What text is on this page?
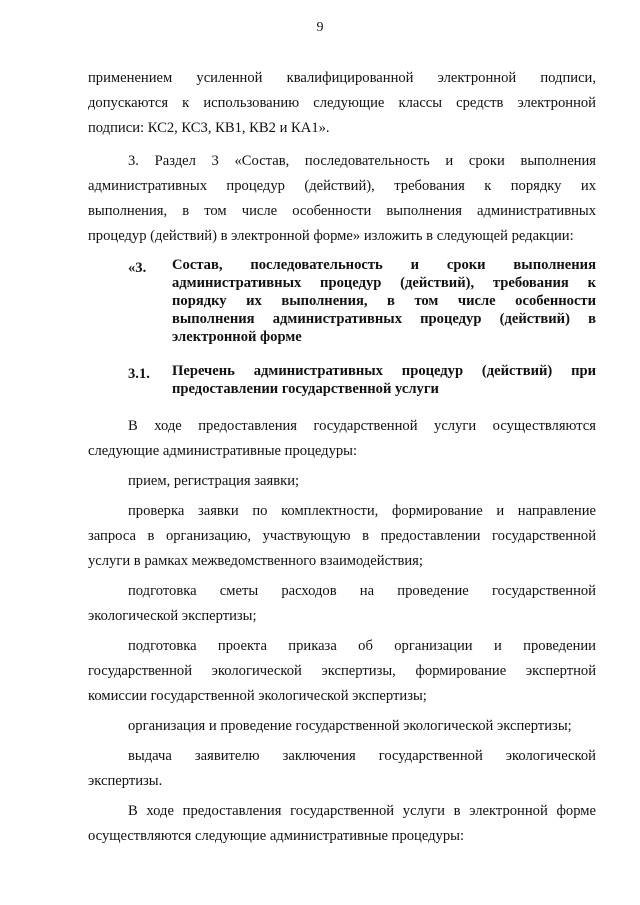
9

применением усиленной квалифицированной электронной подписи,

допускаются к использованию следующие классы средств электронной

подписи: КС2, КС3, КВ1, КВ2 и КА1».

3. Раздел 3 «Состав, последовательность и сроки выполнения

административных процедур (действий), требования к порядку их

выполнения, в том числе особенности выполнения административных

процедур (действий) в электронной форме» изложить в следующей редакции:

«3.	Состав, последовательность и сроки выполнения

административных процедур (действий), требования к

порядку их выполнения, в том числе особенности

выполнения административных процедур (действий) в

электронной форме

3.1.	Перечень административных процедур (действий) при

предоставлении государственной услуги

В ходе предоставления государственной услуги осуществляются

следующие административные процедуры:

прием, регистрация заявки;

проверка заявки по комплектности, формирование и направление

запроса в организацию, участвующую в предоставлении государственной

услуги в рамках межведомственного взаимодействия;

подготовка сметы расходов на проведение государственной

экологической экспертизы;

подготовка проекта приказа об организации и проведении

государственной экологической экспертизы, формирование экспертной

комиссии государственной экологической экспертизы;

организация и проведение государственной экологической экспертизы;

выдача заявителю заключения государственной экологической

экспертизы.

В ходе предоставления государственной услуги в электронной форме

осуществляются следующие административные процедуры:
